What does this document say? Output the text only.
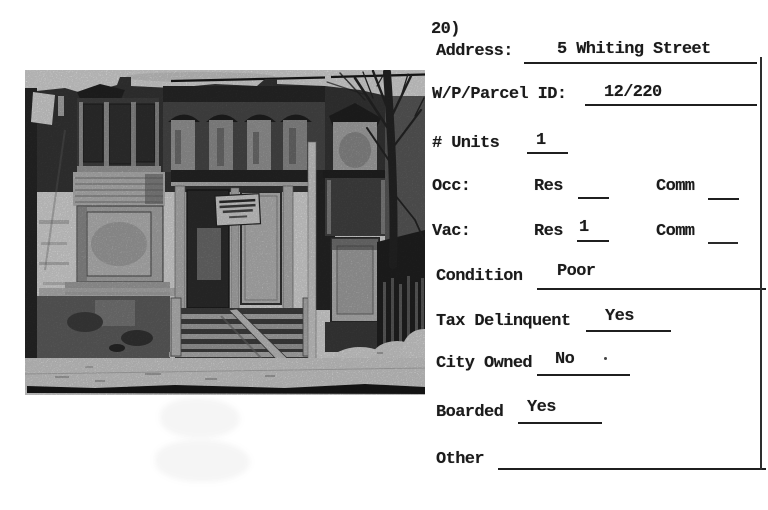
20)
Address:	5 Whiting Street
W/P/Parcel ID: 12/220
# Units 1
Occ:	Res	Comm
Vac:	Res 1	Comm
Condition Poor
Tax Delinquent Yes
City Owned No
Boarded Yes
Other
